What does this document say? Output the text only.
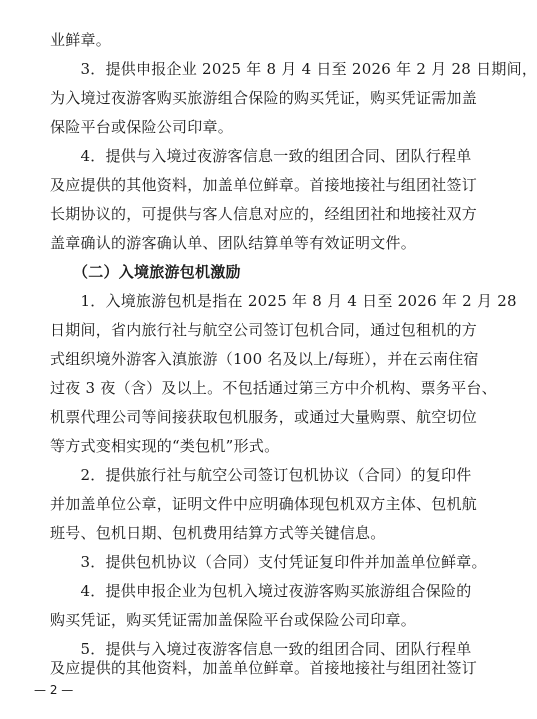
业鲜章。
　　3．提供申报企业 2025 年 8 月 4 日至 2026 年 2 月 28 日期间，
为入境过夜游客购买旅游组合保险的购买凭证，购买凭证需加盖
保险平台或保险公司印章。
　　4．提供与入境过夜游客信息一致的组团合同、团队行程单
及应提供的其他资料，加盖单位鲜章。首接地接社与组团社签订
长期协议的，可提供与客人信息对应的，经组团社和地接社双方
盖章确认的游客确认单、团队结算单等有效证明文件。
　　（二）入境旅游包机激励
　　1．入境旅游包机是指在 2025 年 8 月 4 日至 2026 年 2 月 28
日期间，省内旅行社与航空公司签订包机合同，通过包租机的方
式组织境外游客入滇旅游（100 名及以上/每班），并在云南住宿
过夜 3 夜（含）及以上。不包括通过第三方中介机构、票务平台、
机票代理公司等间接获取包机服务，或通过大量购票、航空切位
等方式变相实现的“类包机”形式。
　　2．提供旅行社与航空公司签订包机协议（合同）的复印件
并加盖单位公章，证明文件中应明确体现包机双方主体、包机航
班号、包机日期、包机费用结算方式等关键信息。
　　3．提供包机协议（合同）支付凭证复印件并加盖单位鲜章。
　　4．提供申报企业为包机入境过夜游客购买旅游组合保险的
购买凭证，购买凭证需加盖保险平台或保险公司印章。
　　5．提供与入境过夜游客信息一致的组团合同、团队行程单
及应提供的其他资料，加盖单位鲜章。首接地接社与组团社签订
— 2 —
